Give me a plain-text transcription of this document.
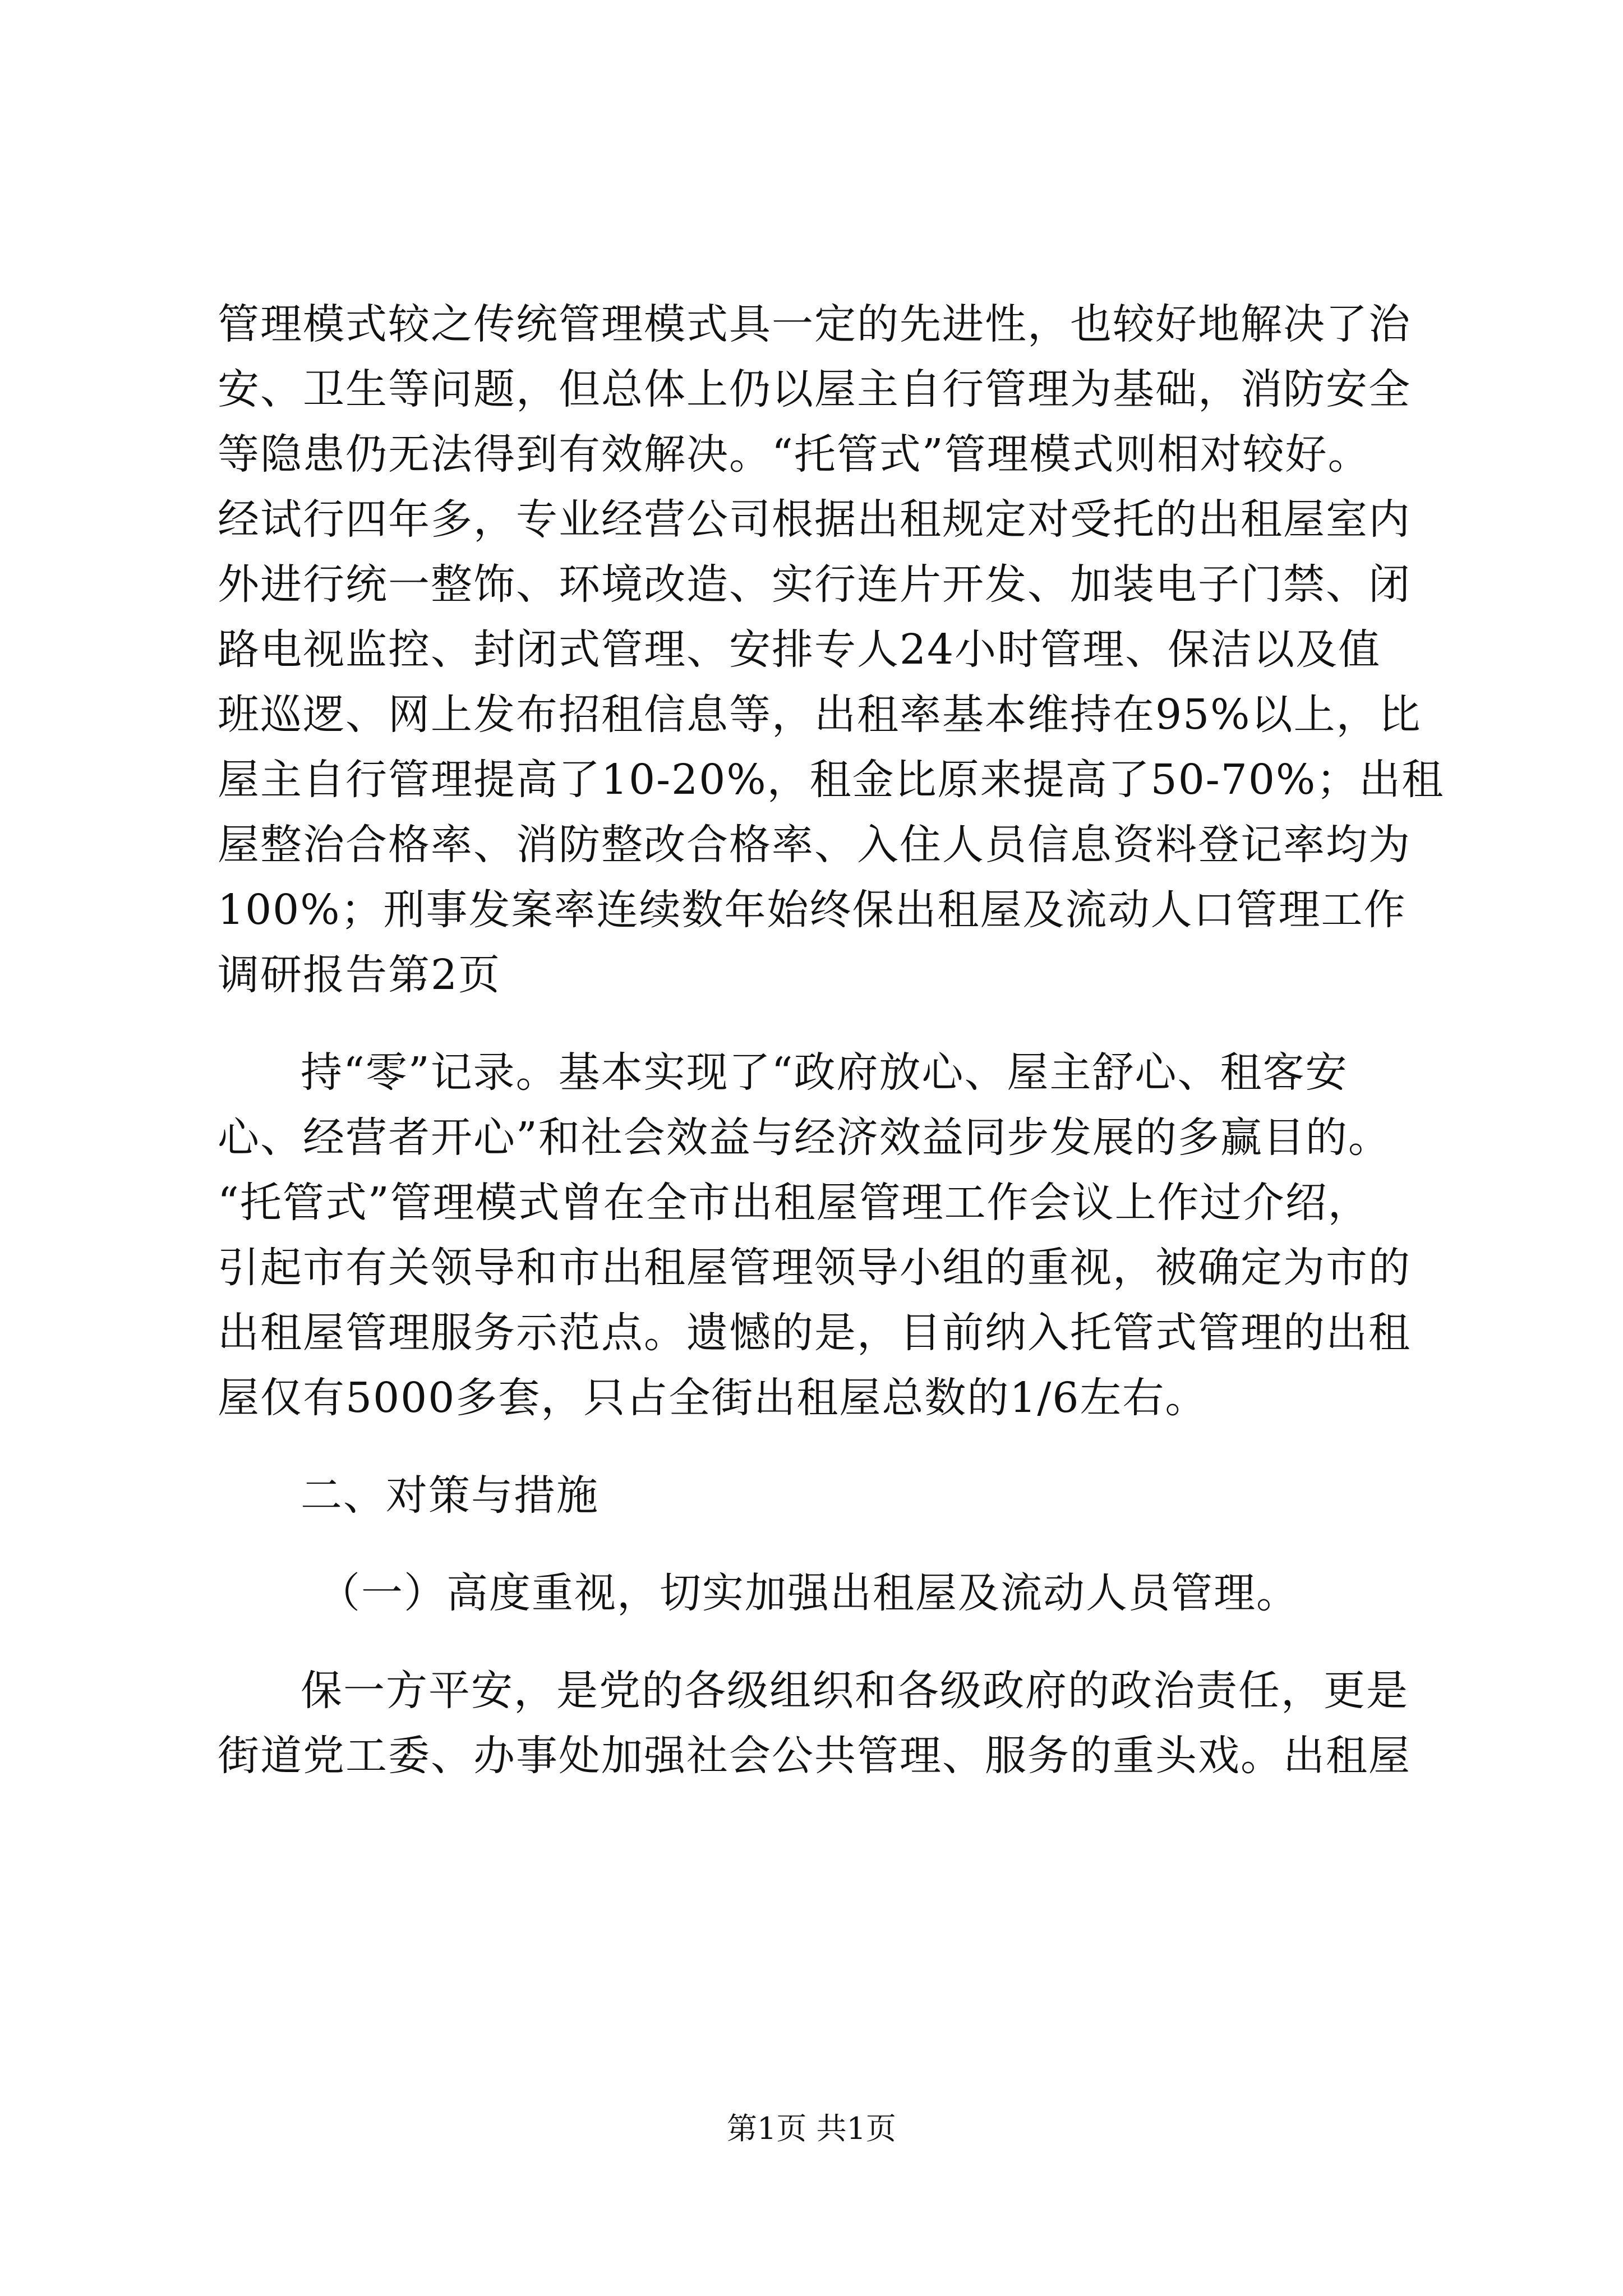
管理模式较之传统管理模式具一定的先进性，也较好地解决了治
安、卫生等问题，但总体上仍以屋主自行管理为基础，消防安全
等隐患仍无法得到有效解决。“托管式”管理模式则相对较好。
经试行四年多，专业经营公司根据出租规定对受托的出租屋室内
外进行统一整饰、环境改造、实行连片开发、加装电子门禁、闭
路电视监控、封闭式管理、安排专人24小时管理、保洁以及值
班巡逻、网上发布招租信息等，出租率基本维持在95%以上，比
屋主自行管理提高了10-20%，租金比原来提高了50-70%；出租
屋整治合格率、消防整改合格率、入住人员信息资料登记率均为
100%；刑事发案率连续数年始终保出租屋及流动人口管理工作
调研报告第2页
持“零”记录。基本实现了“政府放心、屋主舒心、租客安
心、经营者开心”和社会效益与经济效益同步发展的多赢目的。
“托管式”管理模式曾在全市出租屋管理工作会议上作过介绍，
引起市有关领导和市出租屋管理领导小组的重视，被确定为市的
出租屋管理服务示范点。遗憾的是，目前纳入托管式管理的出租
屋仅有5000多套，只占全街出租屋总数的1/6左右。
二、对策与措施
（一）高度重视，切实加强出租屋及流动人员管理。
保一方平安，是党的各级组织和各级政府的政治责任，更是
街道党工委、办事处加强社会公共管理、服务的重头戏。出租屋
第1页 共1页
